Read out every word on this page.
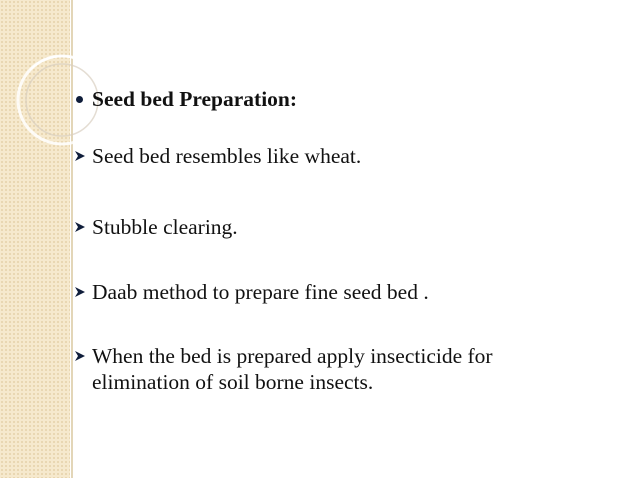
Seed bed Preparation:
Seed bed resembles like wheat.
Stubble clearing.
Daab method to prepare fine seed bed .
When the bed is prepared apply insecticide for elimination of soil borne insects.
